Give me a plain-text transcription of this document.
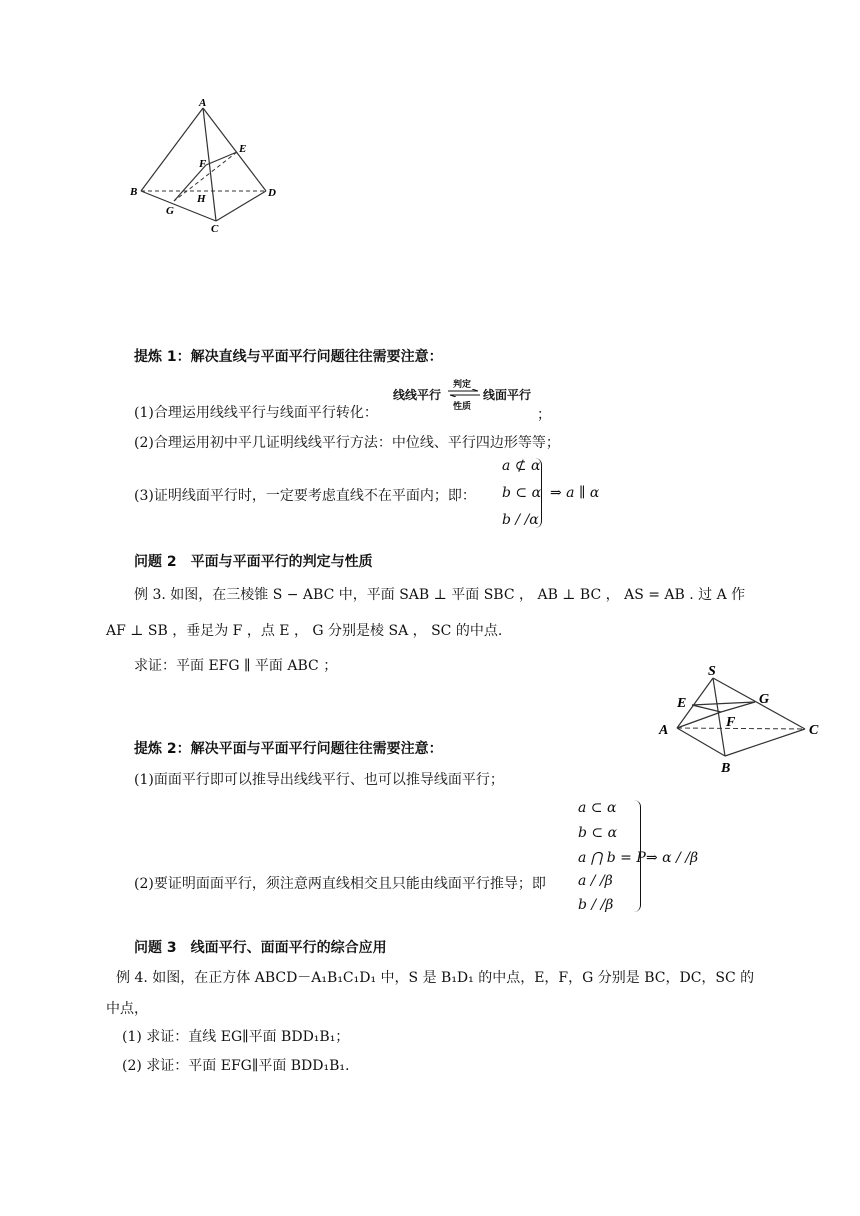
A
E
F
B	D
H
G
C
提炼 1：解决直线与平面平行问题往往需要注意：
(1)合理运用线线平行与线面平行转化：
线线平行
判定
性质
线面平行
；
(2)合理运用初中平几证明线线平行方法：中位线、平行四边形等等；
(3)证明线面平行时，一定要考虑直线不在平面内；即：
a ⊄ α
b ⊂ α
b / /α
⇒ a ∥ α
问题 2　平面与平面平行的判定与性质
例 3. 如图，在三棱锥 S − ABC 中，平面 SAB ⊥ 平面 SBC ， AB ⊥ BC ， AS = AB . 过 A 作
AF ⊥ SB ，垂足为 F ，点 E ， G 分别是棱 SA ， SC 的中点.
求证：平面 EFG ∥ 平面 ABC ；	S
E	G
F
A	C
B
提炼 2：解决平面与平面平行问题往往需要注意：
(1)面面平行即可以推导出线线平行、也可以推导线面平行；
a ⊂ α
b ⊂ α
a ⋂ b = P
a / /β
b / /β
(2)要证明面面平行，须注意两直线相交且只能由线面平行推导；即
⇒ α / /β
问题 3　线面平行、面面平行的综合应用
例 4. 如图，在正方体 ABCD－A₁B₁C₁D₁ 中，S 是 B₁D₁ 的中点，E，F，G 分别是 BC，DC，SC 的
中点，
(1) 求证：直线 EG∥平面 BDD₁B₁；
(2) 求证：平面 EFG∥平面 BDD₁B₁.
